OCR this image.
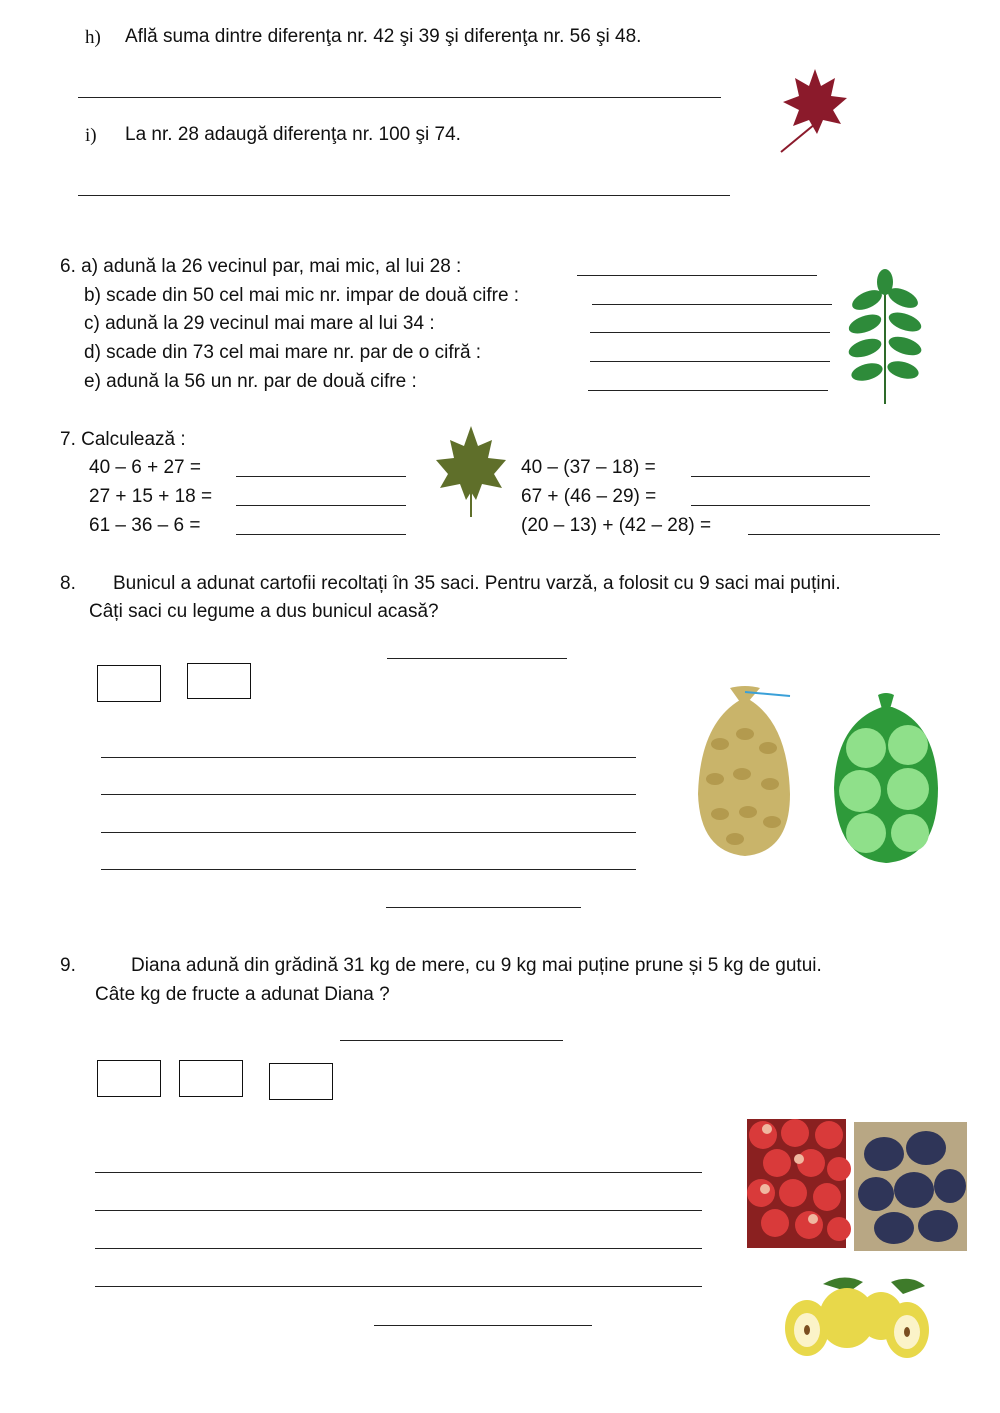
h) Află suma dintre diferenţa nr. 42 şi 39 şi diferenţa nr. 56 şi 48.
i) La nr. 28 adaugă diferenţa nr. 100 şi 74.
6. a) adună la 26 vecinul par, mai mic, al lui 28 :
b) scade din 50 cel mai mic nr. impar de două cifre :
c) adună la 29 vecinul mai mare al lui 34 :
d) scade din 73 cel mai mare nr. par de o cifră :
e) adună la 56 un nr. par de două cifre :
7. Calculează :
40 – 6 + 27 =
27 + 15 + 18 =
61 – 36 – 6 =
40 – (37 – 18) =
67 + (46 – 29) =
(20 – 13) + (42 – 28) =
8. Bunicul a adunat cartofii recoltați în 35 saci. Pentru varză, a folosit cu 9 saci mai puțini.
Câți saci cu legume a dus bunicul acasă?
9.	Diana adună din grădină 31 kg de mere, cu 9 kg mai puține prune și 5 kg de gutui.
Câte kg de fructe a adunat Diana ?
